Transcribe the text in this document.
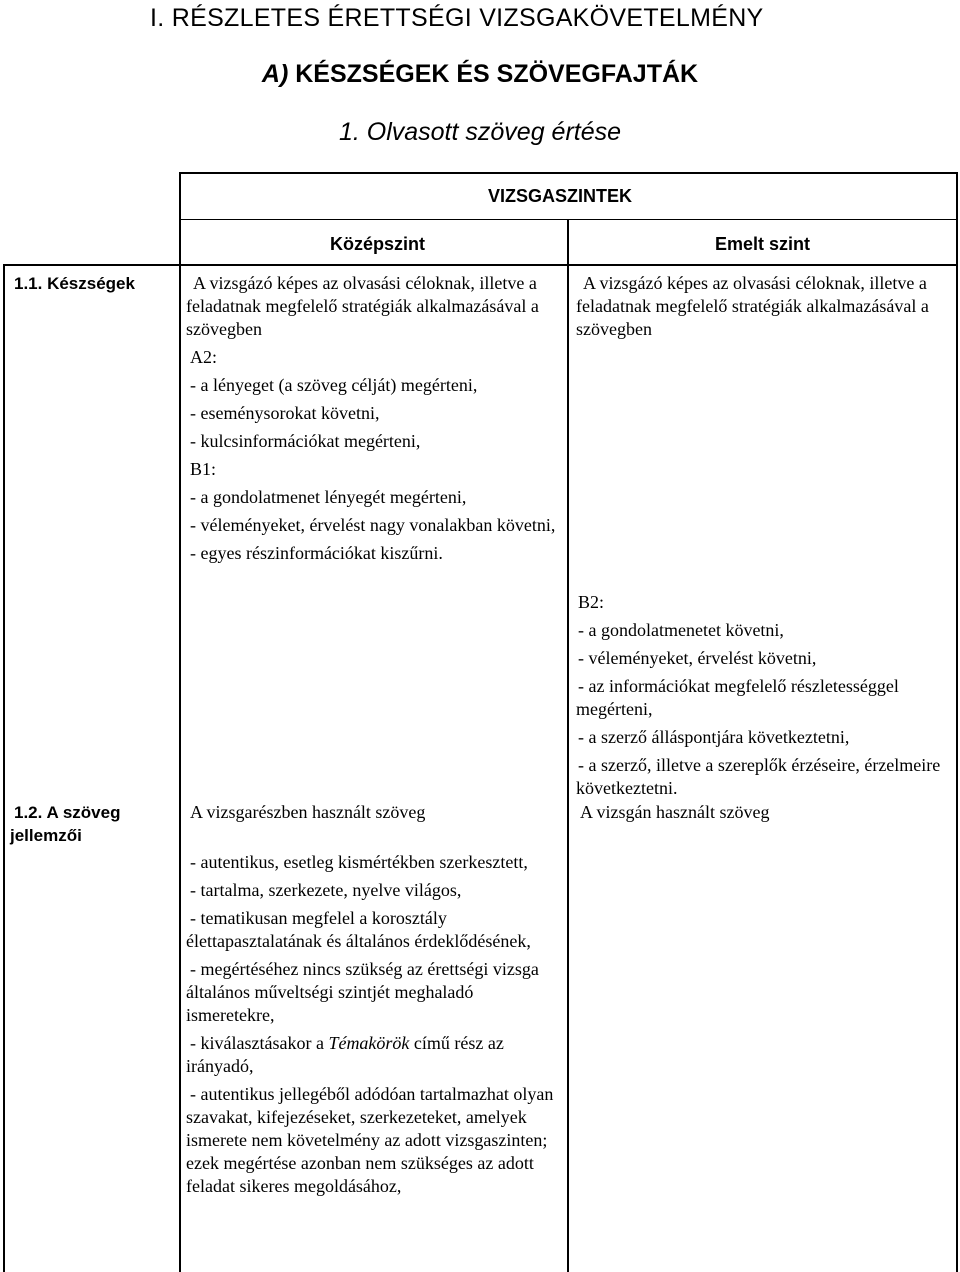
I. RÉSZLETES ÉRETTSÉGI VIZSGAKÖVETELMÉNY
A) KÉSZSÉGEK ÉS SZÖVEGFAJTÁK
1. Olvasott szöveg értése
VIZSGASZINTEK
Középszint	Emelt szint
1.1. Készségek	A vizsgázó képes az olvasási céloknak, illetve a feladatnak megfelelő stratégiák alkalmazásával a szövegben

A2:

- a lényeget (a szöveg célját) megérteni,

- eseménysorokat követni,

- kulcsinformációkat megérteni,

B1:

- a gondolatmenet lényegét megérteni,

- véleményeket, érvelést nagy vonalakban követni,

- egyes részinformációkat kiszűrni.

A vizsgázó képes az olvasási céloknak, illetve a feladatnak megfelelő stratégiák alkalmazásával a szövegben

B2:

- a gondolatmenetet követni,

- véleményeket, érvelést követni,

- az információkat megfelelő részletességgel megérteni,

- a szerző álláspontjára következtetni,

- a szerző, illetve a szereplők érzéseire, érzelmeire következtetni.

1.2. A szöveg
jellemzői

A vizsgarészben használt szöveg

- autentikus, esetleg kismértékben szerkesztett,

- tartalma, szerkezete, nyelve világos,

- tematikusan megfelel a korosztály élettapasztalatának és általános érdeklődésének,

- megértéséhez nincs szükség az érettségi vizsga általános műveltségi szintjét meghaladó ismeretekre,

- kiválasztásakor a Témakörök című rész az irányadó,

- autentikus jellegéből adódóan tartalmazhat olyan szavakat, kifejezéseket, szerkezeteket, amelyek ismerete nem követelmény az adott vizsgaszinten; ezek megértése azonban nem szükséges az adott feladat sikeres megoldásához,

A vizsgán használt szöveg
